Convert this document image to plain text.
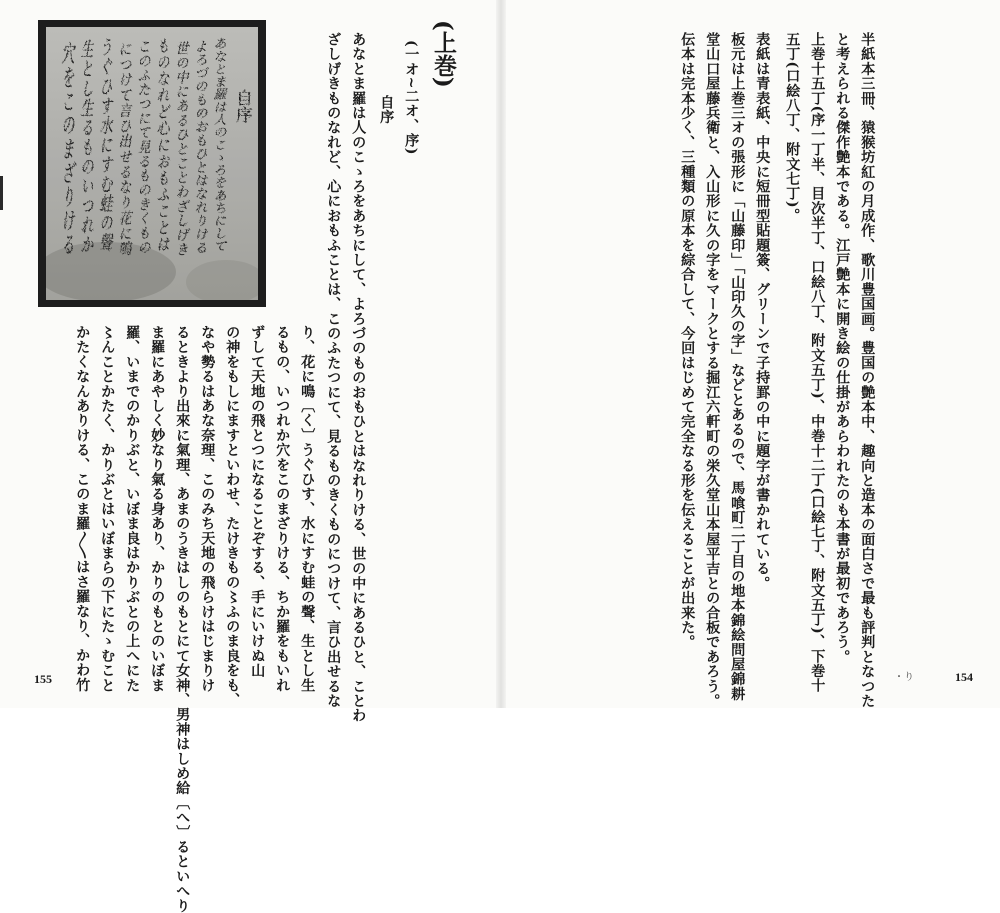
半紙本三冊、猿猴坊紅の月成作、歌川豊国画。豊国の艶本中、趣向と造本の面白さで最も評判となつた
と考えられる傑作艶本である。江戸艶本に開き絵の仕掛があらわれたのも本書が最初であろう。
上巻十五丁(序一丁半、目次半丁、口絵八丁、附文五丁)、中巻十二丁(口絵七丁、附文五丁)、下巻十
五丁(口絵八丁、附文七丁)。
表紙は青表紙、中央に短冊型貼題簽、グリーンで子持罫の中に題字が書かれている。
板元は上巻三オの張形に「山藤印」「山印久の字」などとあるので、馬喰町二丁目の地本錦絵問屋錦耕
堂山口屋藤兵衛と、入山形に久の字をマークとする掘江六軒町の栄久堂山本屋平吉との合板であろう。
伝本は完本少く、三種類の原本を綜合して、今回はじめて完全なる形を伝えることが出来た。
・り	154
(上巻)
(一オ~二オ、序)
自序
あなとま羅は人のこゝろをあちにして、よろづのものおもひとはなれりける、世の中にあるひと、ことわ
ざしげきものなれど、心におもふことは、このふたつにて、見るものきくものにつけて、言ひ出せるな
り、花に鳴〔く〕うぐひす、水にすむ蛙の聲、生とし生
るもの、いつれか穴をこのまざりける、ちか羅をもいれ
ずして天地の飛とつになることぞする、手にいけぬ山
の神をもしにますといわせ、たけきもの〻ふのま良をも、
なや勢るはあな奈理、このみち天地の飛らけはじまりけ
るときより出來に氣理、あまのうきはしのもとにて女神、男神はしめ給〔へ〕るといへり
ま羅にあやしく妙なり氣る身あり、かりのもとのいぼま
羅、いまでのかりぶと、いぼま良はかりぶとの上へにた
〻んことかたく、かりぶとはいぼまらの下にたゝむこと
かたくなんありける、このま羅〳〵はさ羅なり、かわ竹
自序
あなとま羅は人のこゝろをあちにして
よろづのものおもひとはなれりける
世の中にあるひとことわざしげき
ものなれど心におもふことは
このふたつにて見るものきくもの
につけて言ひ出せるなり花に鳴
うぐひす水にすむ蛙の聲
生とし生るものいつれか
穴をこのまざりける
155
